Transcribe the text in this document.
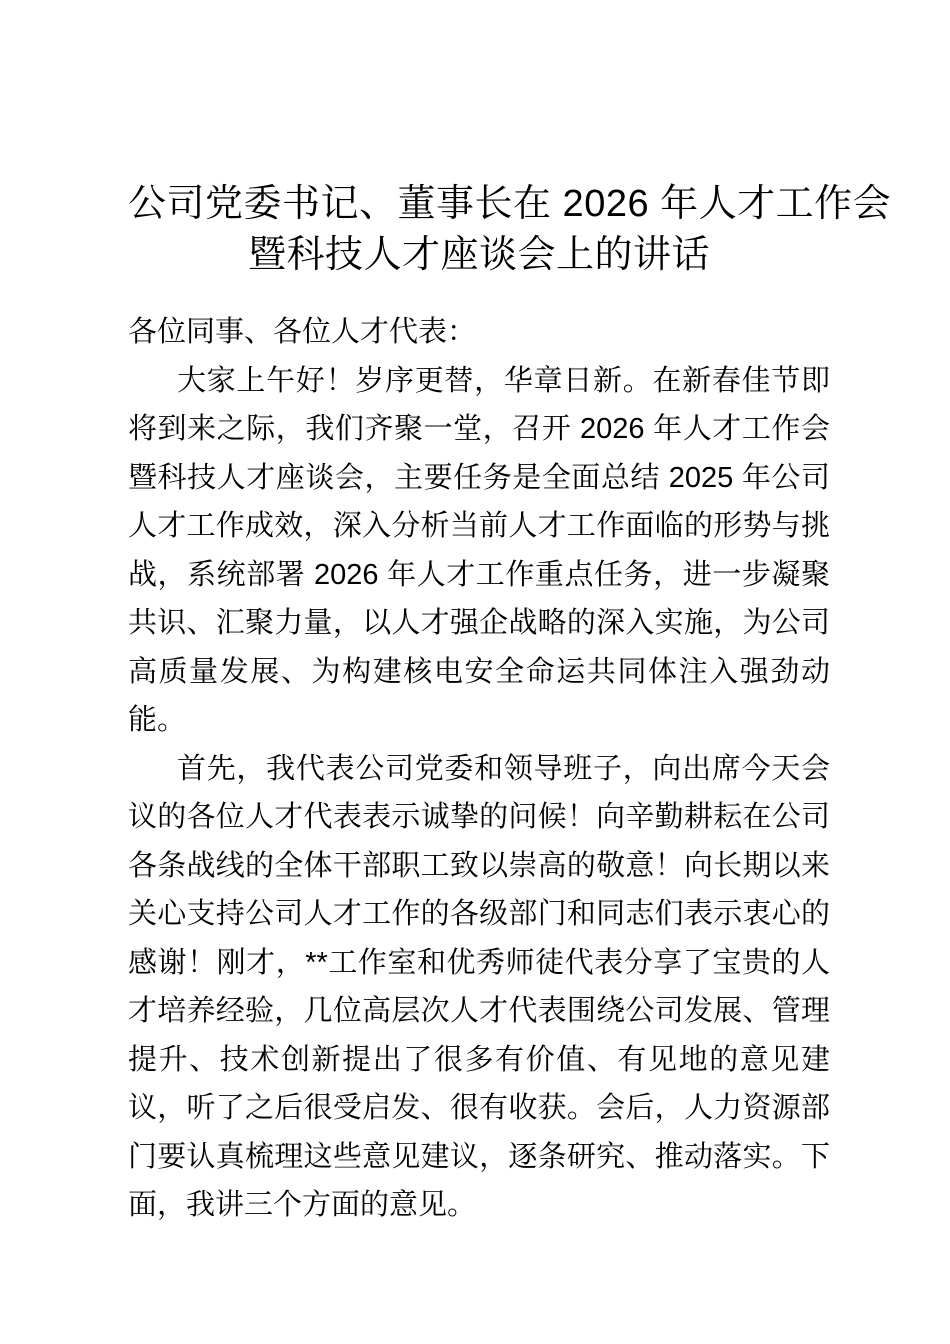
公司党委书记、董事长在 2026 年人才工作会
暨科技人才座谈会上的讲话

各位同事、各位人才代表：

大家上午好！岁序更替，华章日新。在新春佳节即将到来之际，我们齐聚一堂，召开 2026 年人才工作会暨科技人才座谈会，主要任务是全面总结 2025 年公司人才工作成效，深入分析当前人才工作面临的形势与挑战，系统部署 2026 年人才工作重点任务，进一步凝聚共识、汇聚力量，以人才强企战略的深入实施，为公司高质量发展、为构建核电安全命运共同体注入强劲动能。

首先，我代表公司党委和领导班子，向出席今天会议的各位人才代表表示诚挚的问候！向辛勤耕耘在公司各条战线的全体干部职工致以崇高的敬意！向长期以来关心支持公司人才工作的各级部门和同志们表示衷心的感谢！刚才，**工作室和优秀师徒代表分享了宝贵的人才培养经验，几位高层次人才代表围绕公司发展、管理提升、技术创新提出了很多有价值、有见地的意见建议，听了之后很受启发、很有收获。会后，人力资源部门要认真梳理这些意见建议，逐条研究、推动落实。下面，我讲三个方面的意见。
